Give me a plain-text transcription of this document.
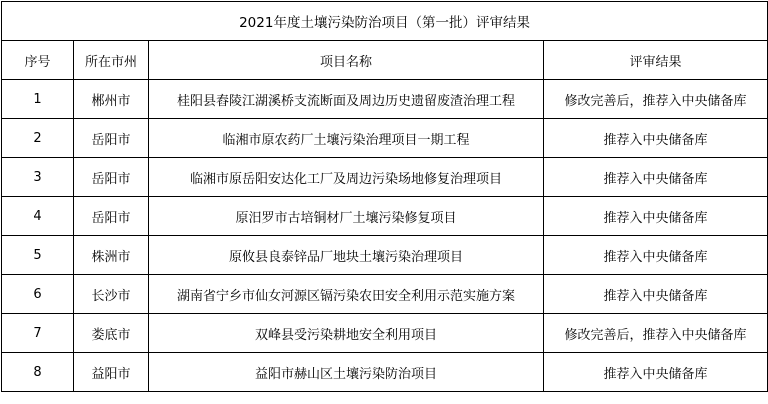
2021年度土壤污染防治项目（第一批）评审结果			
序号	所在市州	项目名称	评审结果
1	郴州市	桂阳县舂陵江湖溪桥支流断面及周边历史遗留废渣治理工程	修改完善后，推荐入中央储备库
2	岳阳市	临湘市原农药厂土壤污染治理项目一期工程	推荐入中央储备库
3	岳阳市	临湘市原岳阳安达化工厂及周边污染场地修复治理项目	推荐入中央储备库
4	岳阳市	原汨罗市古培铜材厂土壤污染修复项目	推荐入中央储备库
5	株洲市	原攸县良泰锌品厂地块土壤污染治理项目	推荐入中央储备库
6	长沙市	湖南省宁乡市仙女河源区镉污染农田安全利用示范实施方案	推荐入中央储备库
7	娄底市	双峰县受污染耕地安全利用项目	修改完善后，推荐入中央储备库
8	益阳市	益阳市赫山区土壤污染防治项目	推荐入中央储备库
